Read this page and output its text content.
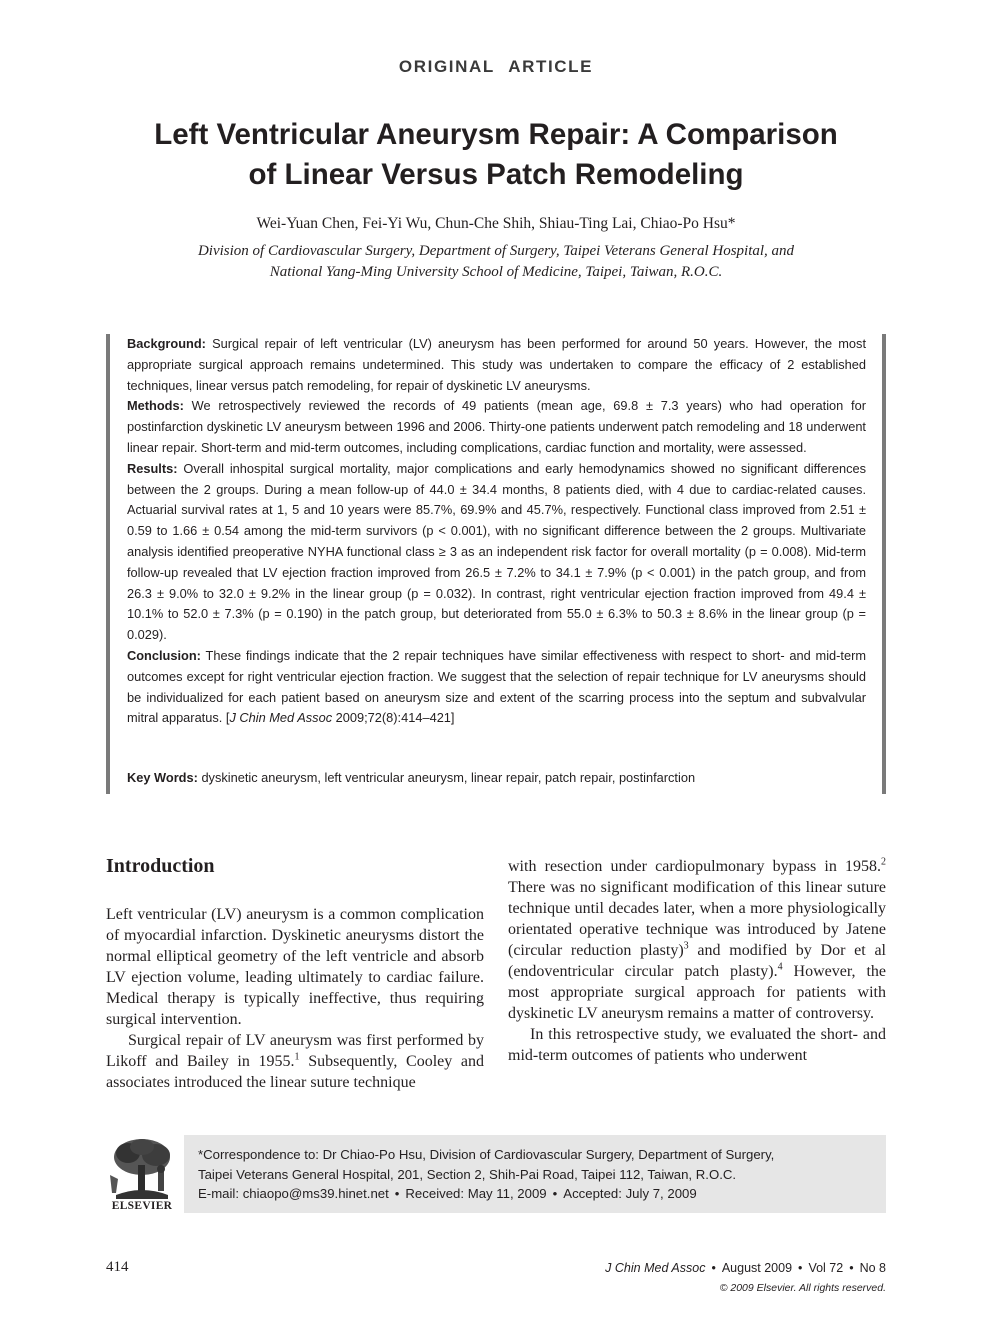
ORIGINAL ARTICLE
Left Ventricular Aneurysm Repair: A Comparison
of Linear Versus Patch Remodeling
Wei-Yuan Chen, Fei-Yi Wu, Chun-Che Shih, Shiau-Ting Lai, Chiao-Po Hsu*
Division of Cardiovascular Surgery, Department of Surgery, Taipei Veterans General Hospital, and
National Yang-Ming University School of Medicine, Taipei, Taiwan, R.O.C.

Background: Surgical repair of left ventricular (LV) aneurysm has been performed for around 50 years. However, the most appropriate surgical approach remains undetermined. This study was undertaken to compare the efficacy of 2 established techniques, linear versus patch remodeling, for repair of dyskinetic LV aneurysms.

Methods: We retrospectively reviewed the records of 49 patients (mean age, 69.8 ± 7.3 years) who had operation for postinfarction dyskinetic LV aneurysm between 1996 and 2006. Thirty-one patients underwent patch remodeling and 18 underwent linear repair. Short-term and mid-term outcomes, including complications, cardiac function and mortality, were assessed.

Results: Overall inhospital surgical mortality, major complications and early hemodynamics showed no significant differences between the 2 groups. During a mean follow-up of 44.0 ± 34.4 months, 8 patients died, with 4 due to cardiac-related causes. Actuarial survival rates at 1, 5 and 10 years were 85.7%, 69.9% and 45.7%, respectively. Functional class improved from 2.51 ± 0.59 to 1.66 ± 0.54 among the mid-term survivors (p < 0.001), with no significant difference between the 2 groups. Multivariate analysis identified preoperative NYHA functional class ≥ 3 as an independent risk factor for overall mortality (p = 0.008). Mid-term follow-up revealed that LV ejection fraction improved from 26.5 ± 7.2% to 34.1 ± 7.9% (p < 0.001) in the patch group, and from 26.3 ± 9.0% to 32.0 ± 9.2% in the linear group (p = 0.032). In contrast, right ventricular ejection fraction improved from 49.4 ± 10.1% to 52.0 ± 7.3% (p = 0.190) in the patch group, but deteriorated from 55.0 ± 6.3% to 50.3 ± 8.6% in the linear group (p = 0.029).

Conclusion: These findings indicate that the 2 repair techniques have similar effectiveness with respect to short- and mid-term outcomes except for right ventricular ejection fraction. We suggest that the selection of repair technique for LV aneurysms should be individualized for each patient based on aneurysm size and extent of the scarring process into the septum and subvalvular mitral apparatus. [J Chin Med Assoc 2009;72(8):414–421]

Key Words: dyskinetic aneurysm, left ventricular aneurysm, linear repair, patch repair, postinfarction

Introduction

Left ventricular (LV) aneurysm is a common complication of myocardial infarction. Dyskinetic aneurysms distort the normal elliptical geometry of the left ventricle and absorb LV ejection volume, leading ultimately to cardiac failure. Medical therapy is typically ineffective, thus requiring surgical intervention.

Surgical repair of LV aneurysm was first performed by Likoff and Bailey in 1955.$^1$ Subsequently, Cooley and associates introduced the linear suture technique

with resection under cardiopulmonary bypass in 1958.$^2$ There was no significant modification of this linear suture technique until decades later, when a more physiologically orientated operative technique was introduced by Jatene (circular reduction plasty)$^3$ and modified by Dor et al (endoventricular circular patch plasty).$^4$ However, the most appropriate surgical approach for patients with dyskinetic LV aneurysm remains a matter of controversy.

In this retrospective study, we evaluated the short- and mid-term outcomes of patients who underwent

ELSEVIER

*Correspondence to: Dr Chiao-Po Hsu, Division of Cardiovascular Surgery, Department of Surgery,

Taipei Veterans General Hospital, 201, Section 2, Shih-Pai Road, Taipei 112, Taiwan, R.O.C.

E-mail: chiaopo@ms39.hinet.net • Received: May 11, 2009 • Accepted: July 7, 2009

414	J Chin Med Assoc • August 2009 • Vol 72 • No 8
© 2009 Elsevier. All rights reserved.
